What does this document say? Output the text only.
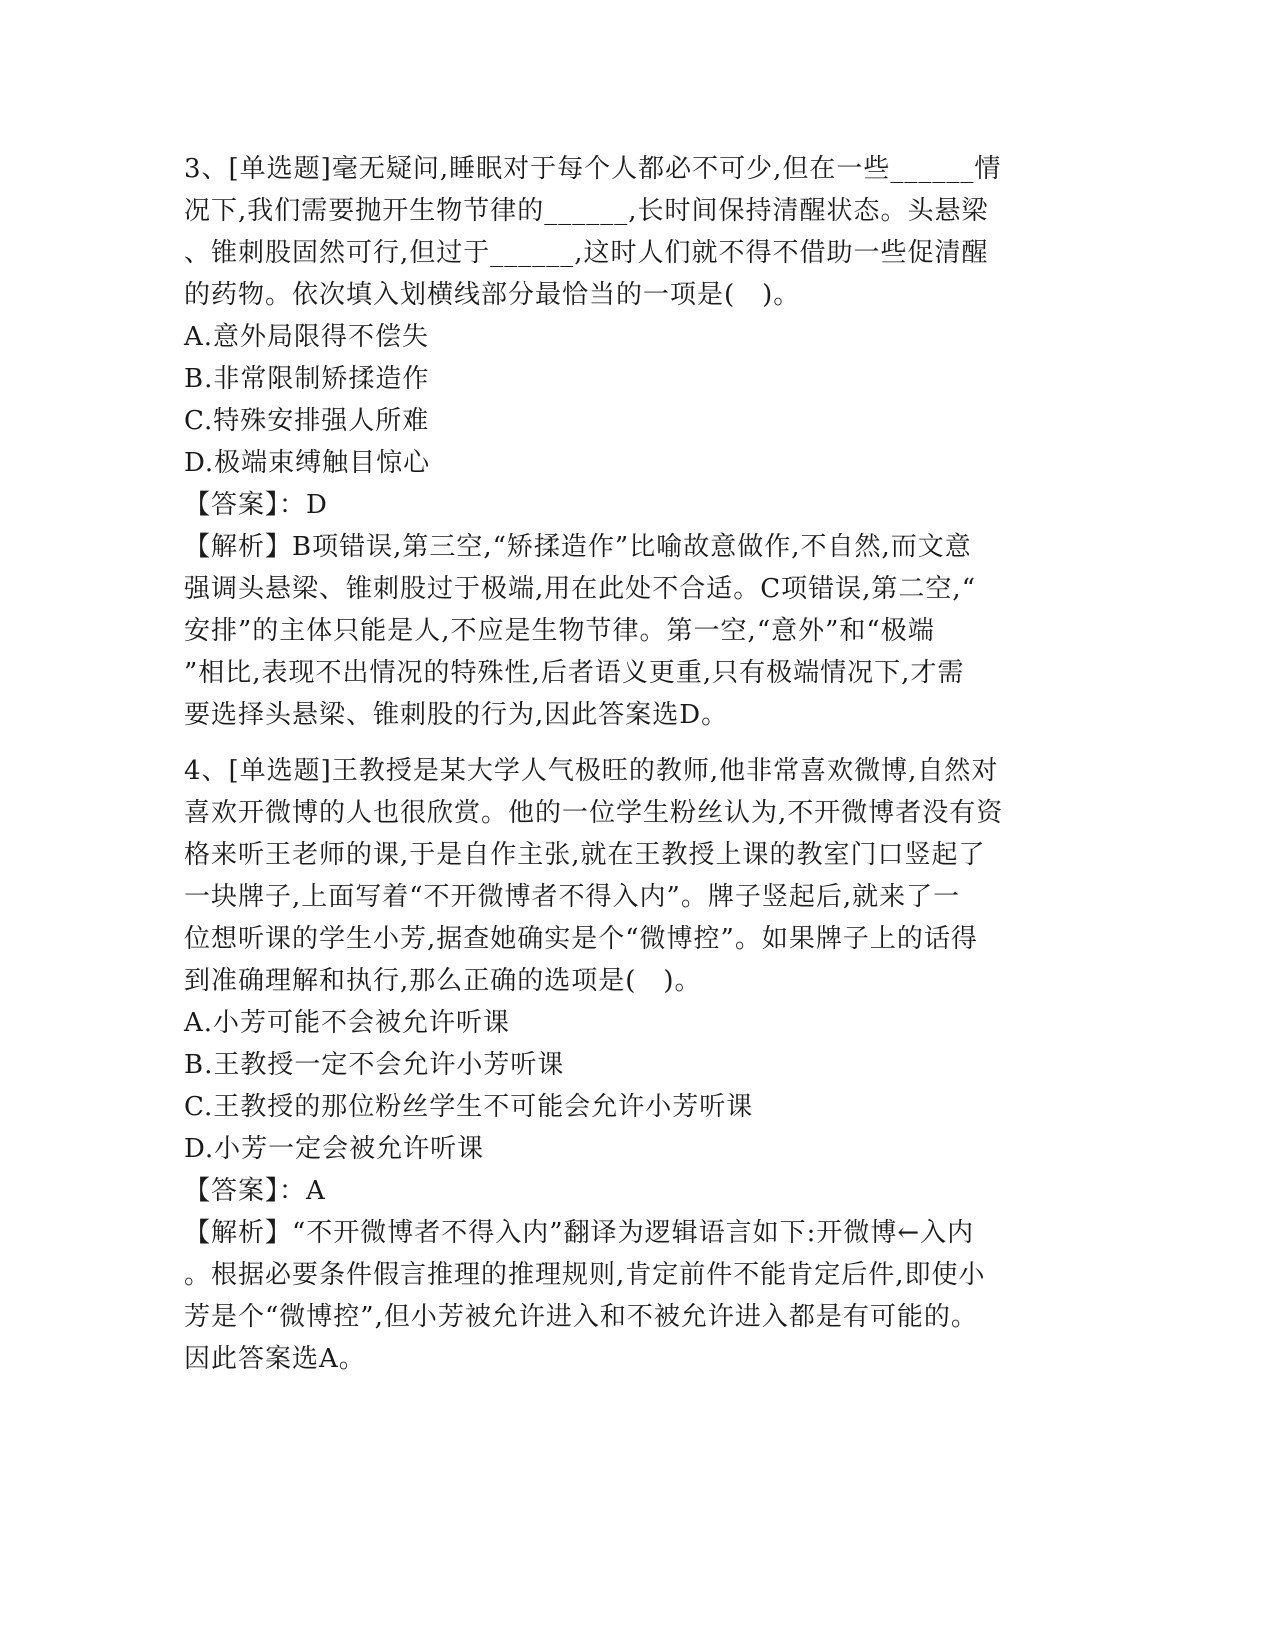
3、[单选题]毫无疑问,睡眠对于每个人都必不可少,但在一些______情
况下,我们需要抛开生物节律的______,长时间保持清醒状态。头悬梁
、锥刺股固然可行,但过于______,这时人们就不得不借助一些促清醒
的药物。依次填入划横线部分最恰当的一项是(　)。
A.意外局限得不偿失
B.非常限制矫揉造作
C.特殊安排强人所难
D.极端束缚触目惊心
【答案】：D
【解析】B项错误,第三空,“矫揉造作”比喻故意做作,不自然,而文意
强调头悬梁、锥刺股过于极端,用在此处不合适。C项错误,第二空,“
安排”的主体只能是人,不应是生物节律。第一空,“意外”和“极端
”相比,表现不出情况的特殊性,后者语义更重,只有极端情况下,才需
要选择头悬梁、锥刺股的行为,因此答案选D。
4、[单选题]王教授是某大学人气极旺的教师,他非常喜欢微博,自然对
喜欢开微博的人也很欣赏。他的一位学生粉丝认为,不开微博者没有资
格来听王老师的课,于是自作主张,就在王教授上课的教室门口竖起了
一块牌子,上面写着“不开微博者不得入内”。牌子竖起后,就来了一
位想听课的学生小芳,据查她确实是个“微博控”。如果牌子上的话得
到准确理解和执行,那么正确的选项是(　)。
A.小芳可能不会被允许听课
B.王教授一定不会允许小芳听课
C.王教授的那位粉丝学生不可能会允许小芳听课
D.小芳一定会被允许听课
【答案】：A
【解析】“不开微博者不得入内”翻译为逻辑语言如下:开微博←入内
。根据必要条件假言推理的推理规则,肯定前件不能肯定后件,即使小
芳是个“微博控”,但小芳被允许进入和不被允许进入都是有可能的。
因此答案选A。
